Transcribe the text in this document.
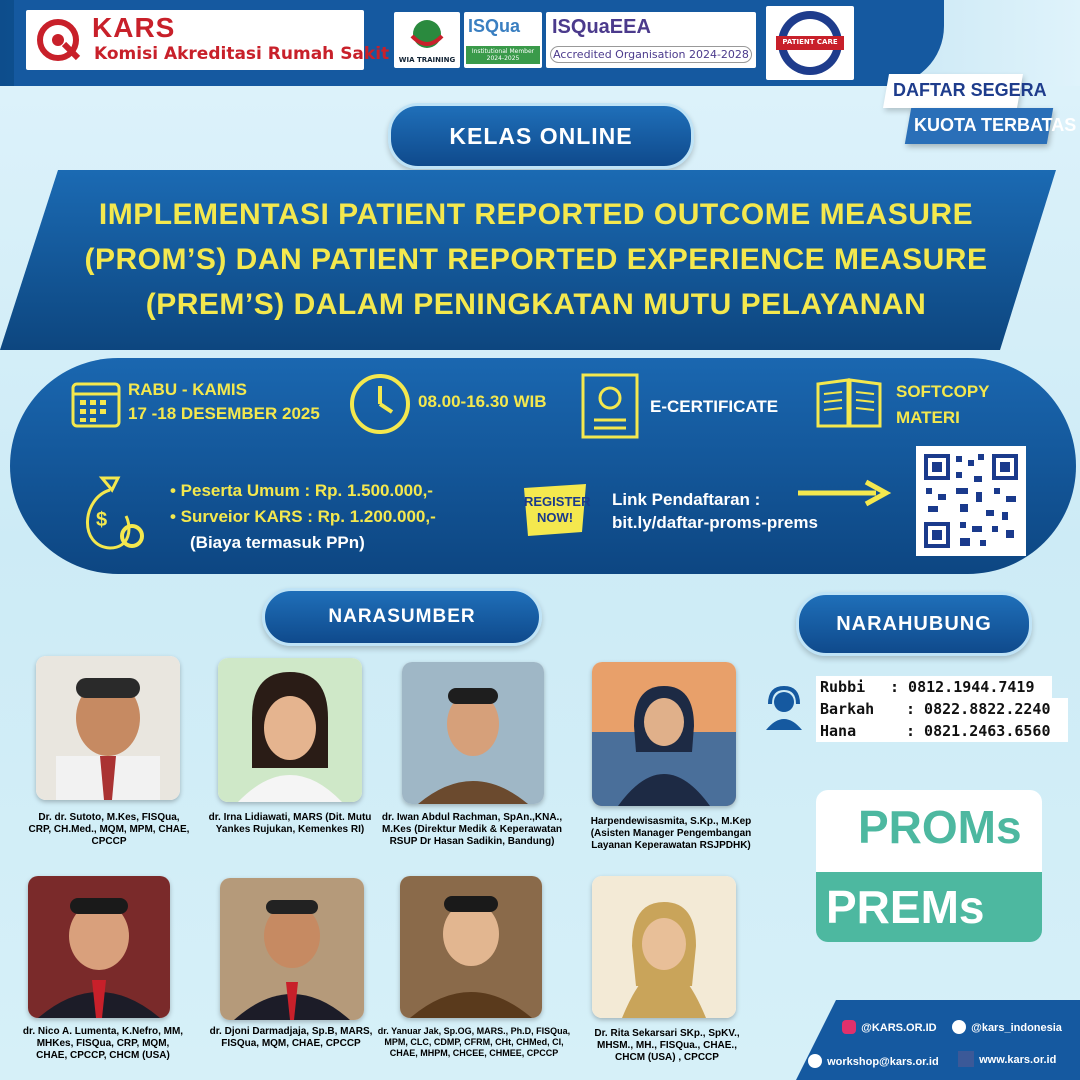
KARS
Komisi Akreditasi Rumah Sakit	WIA TRAINING
ISQua
Institutional Member 2024-2025
ISQuaEEA
Accredited Organisation 2024-2028
PATIENT CARE
DAFTAR SEGERA
KUOTA TERBATAS
KELAS ONLINE
IMPLEMENTASI PATIENT REPORTED OUTCOME MEASURE (PROM’S) DAN PATIENT REPORTED EXPERIENCE MEASURE (PREM’S) DALAM PENINGKATAN MUTU PELAYANAN
RABU - KAMIS
17 -18 DESEMBER 2025
08.00-16.30 WIB	E-CERTIFICATE
SOFTCOPY
MATERI
$
• Peserta Umum : Rp. 1.500.000,-
• Surveior KARS : Rp. 1.200.000,-
(Biaya termasuk PPn)
REGISTER NOW!
Link Pendaftaran :
bit.ly/daftar-proms-prems
NARASUMBER	NARAHUBUNG
Dr. dr. Sutoto, M.Kes, FISQua, CRP, CH.Med., MQM, MPM, CHAE, CPCCP
dr. Irna Lidiawati, MARS (Dit. Mutu Yankes Rujukan, Kemenkes RI)
dr. Iwan Abdul Rachman, SpAn.,KNA., M.Kes (Direktur Medik & Keperawatan RSUP Dr Hasan Sadikin, Bandung)
Harpendewisasmita, S.Kp., M.Kep (Asisten Manager Pengembangan Layanan Keperawatan RSJPDHK)
dr. Nico A. Lumenta, K.Nefro, MM, MHKes, FISQua, CRP, MQM, CHAE, CPCCP, CHCM (USA)
dr. Djoni Darmadjaja, Sp.B, MARS, FISQua, MQM, CHAE, CPCCP
dr. Yanuar Jak, Sp.OG, MARS., Ph.D, FISQua, MPM, CLC, CDMP, CFRM, CHt, CHMed, CI, CHAE, MHPM, CHCEE, CHMEE, CPCCP
Dr. Rita Sekarsari SKp., SpKV., MHSM., MH., FISQua., CHAE., CHCM (USA) , CPCCP
Rubbi : 0812.1944.7419
Barkah : 0822.8822.2240
Hana	: 0821.2463.6560
PROMs
PREMs
@KARS.OR.ID	@kars_indonesia
workshop@kars.or.id	www.kars.or.id
